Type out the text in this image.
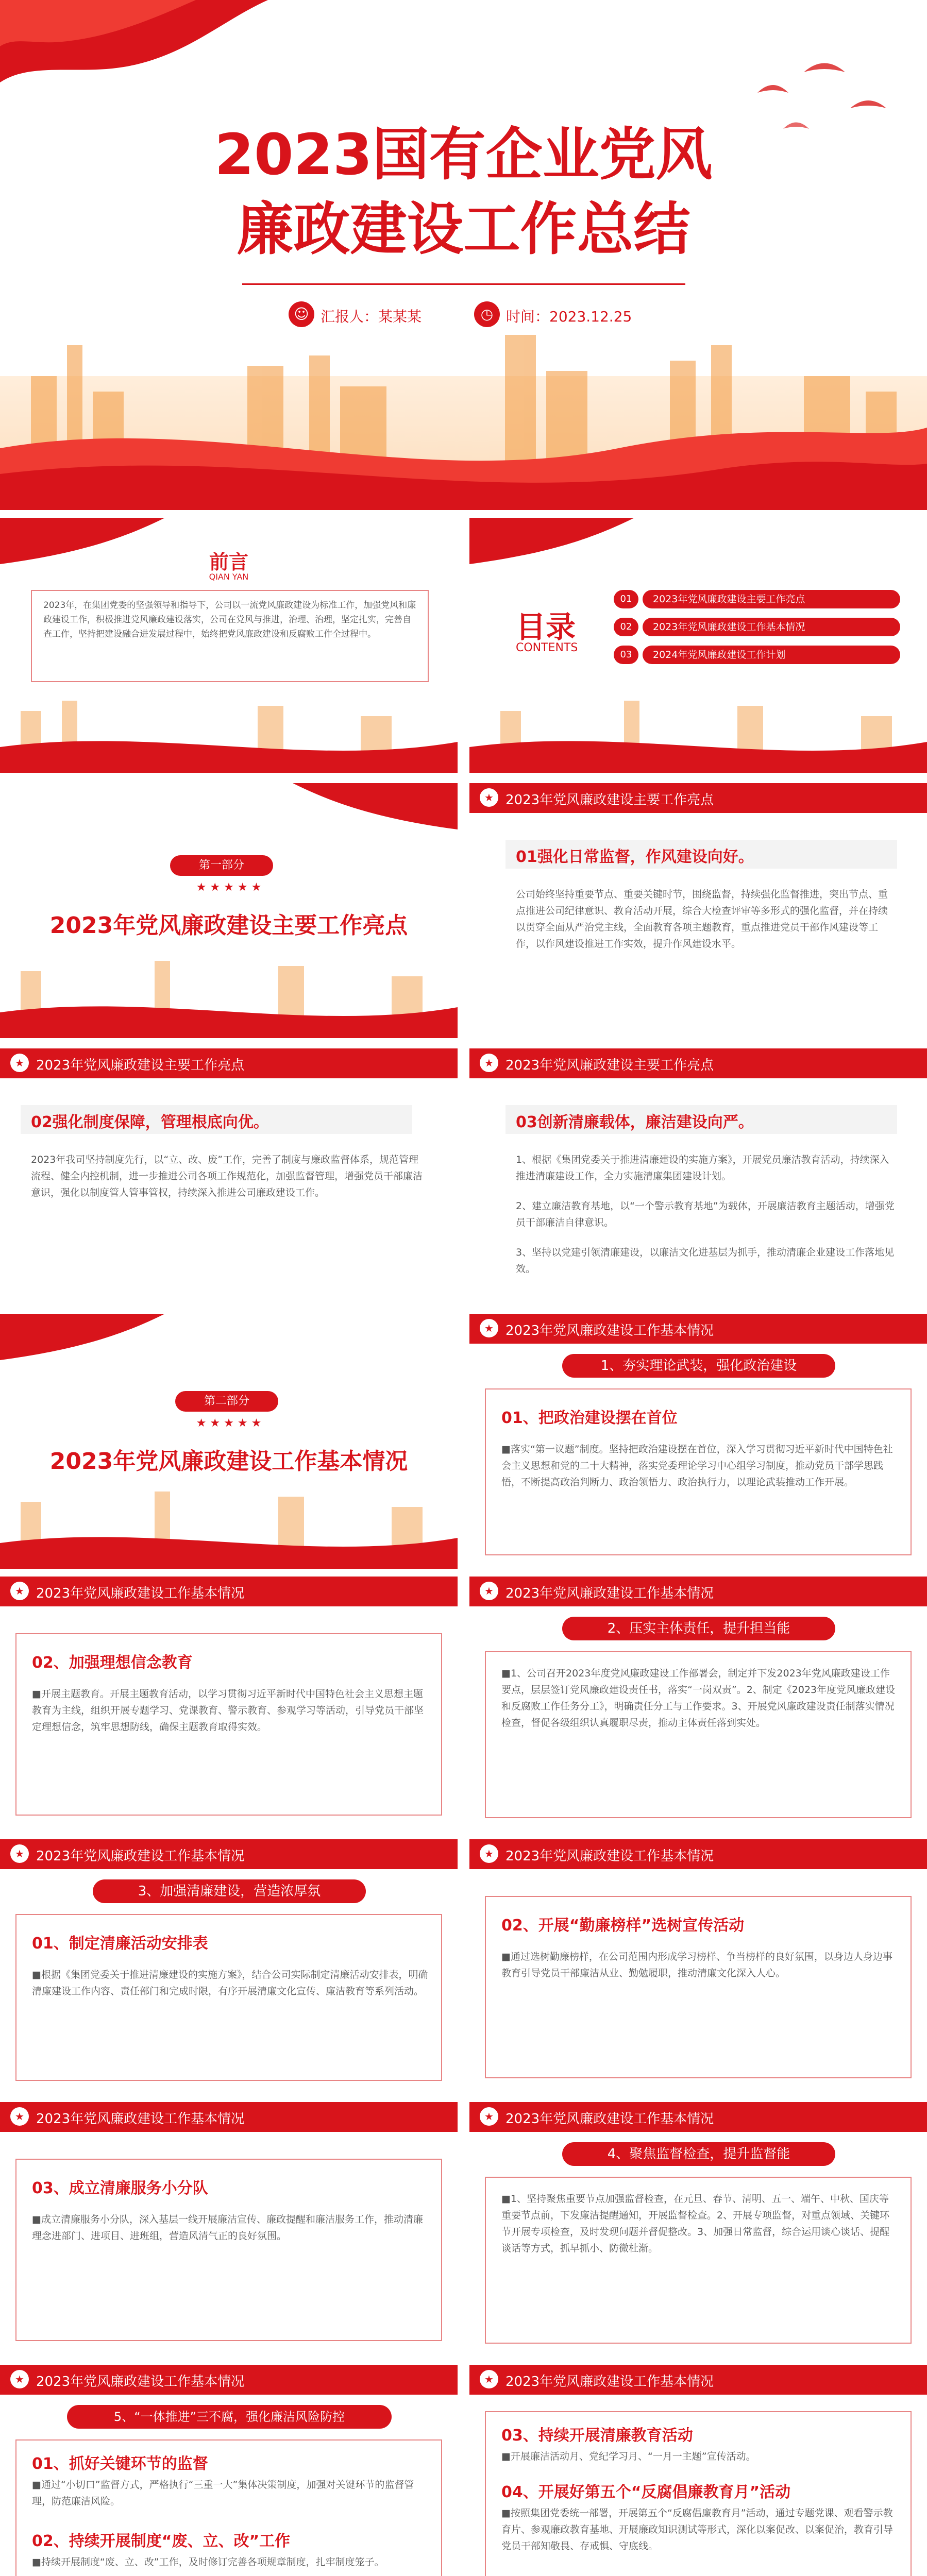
2023国有企业党风
廉政建设工作总结
☺ 汇报人：某某某	◷ 时间：2023.12.25
前言
QIAN YAN
2023年，在集团党委的坚强领导和指导下，公司以一流党风廉政建设为标准工作，加强党风和廉政建设工作，积极推进党风廉政建设落实，公司在党风与推进，治理、治理，坚定扎实，完善自查工作，坚持把建设融合进发展过程中，始终把党风廉政建设和反腐败工作全过程中。	目录
CONTENTS
01	2023年党风廉政建设主要工作亮点
02	2023年党风廉政建设工作基本情况
03	2024年党风廉政建设工作计划
第一部分
★ ★ ★ ★ ★
2023年党风廉政建设主要工作亮点
★ 2023年党风廉政建设主要工作亮点
01强化日常监督，作风建设向好。
公司始终坚持重要节点、重要关键时节，围绕监督，持续强化监督推进，突出节点、重点推进公司纪律意识、教育活动开展，综合大检查评审等多形式的强化监督，并在持续以贯穿全面从严治党主线，全面教育各项主题教育，重点推进党员干部作风建设等工作，以作风建设推进工作实效，提升作风建设水平。
★ 2023年党风廉政建设主要工作亮点
02强化制度保障，管理根底向优。
2023年我司坚持制度先行，以“立、改、废”工作，完善了制度与廉政监督体系，规范管理流程、健全内控机制，进一步推进公司各项工作规范化，加强监督管理，增强党员干部廉洁意识，强化以制度管人管事管权，持续深入推进公司廉政建设工作。
★ 2023年党风廉政建设主要工作亮点
03创新清廉载体，廉洁建设向严。
1、根据《集团党委关于推进清廉建设的实施方案》，开展党员廉洁教育活动，持续深入推进清廉建设工作，全力实施清廉集团建设计划。
2、建立廉洁教育基地，以“一个警示教育基地”为载体，开展廉洁教育主题活动，增强党员干部廉洁自律意识。
3、坚持以党建引领清廉建设，以廉洁文化进基层为抓手，推动清廉企业建设工作落地见效。
第二部分
★ ★ ★ ★ ★
2023年党风廉政建设工作基本情况
★ 2023年党风廉政建设工作基本情况
1、夯实理论武装，强化政治建设
01、把政治建设摆在首位
■落实“第一议题”制度。坚持把政治建设摆在首位，深入学习贯彻习近平新时代中国特色社会主义思想和党的二十大精神，落实党委理论学习中心组学习制度，推动党员干部学思践悟，不断提高政治判断力、政治领悟力、政治执行力，以理论武装推动工作开展。
★ 2023年党风廉政建设工作基本情况
02、加强理想信念教育
■开展主题教育。开展主题教育活动，以学习贯彻习近平新时代中国特色社会主义思想主题教育为主线，组织开展专题学习、党课教育、警示教育、参观学习等活动，引导党员干部坚定理想信念，筑牢思想防线，确保主题教育取得实效。
★ 2023年党风廉政建设工作基本情况
2、压实主体责任，提升担当能
■1、公司召开2023年度党风廉政建设工作部署会，制定并下发2023年党风廉政建设工作要点，层层签订党风廉政建设责任书，落实“一岗双责”。2、制定《2023年度党风廉政建设和反腐败工作任务分工》，明确责任分工与工作要求。3、开展党风廉政建设责任制落实情况检查，督促各级组织认真履职尽责，推动主体责任落到实处。
★ 2023年党风廉政建设工作基本情况
3、加强清廉建设，营造浓厚氛
01、制定清廉活动安排表
■根据《集团党委关于推进清廉建设的实施方案》，结合公司实际制定清廉活动安排表，明确清廉建设工作内容、责任部门和完成时限，有序开展清廉文化宣传、廉洁教育等系列活动。
★ 2023年党风廉政建设工作基本情况
02、开展“勤廉榜样”选树宣传活动
■通过选树勤廉榜样，在公司范围内形成学习榜样、争当榜样的良好氛围，以身边人身边事教育引导党员干部廉洁从业、勤勉履职，推动清廉文化深入人心。
★ 2023年党风廉政建设工作基本情况
03、成立清廉服务小分队
■成立清廉服务小分队，深入基层一线开展廉洁宣传、廉政提醒和廉洁服务工作，推动清廉理念进部门、进项目、进班组，营造风清气正的良好氛围。
★ 2023年党风廉政建设工作基本情况
4、聚焦监督检查，提升监督能
■1、坚持聚焦重要节点加强监督检查，在元旦、春节、清明、五一、端午、中秋、国庆等重要节点前，下发廉洁提醒通知，开展监督检查。2、开展专项监督，对重点领域、关键环节开展专项检查，及时发现问题并督促整改。3、加强日常监督，综合运用谈心谈话、提醒谈话等方式，抓早抓小、防微杜渐。
★ 2023年党风廉政建设工作基本情况
5、“一体推进”三不腐，强化廉洁风险防控
01、抓好关键环节的监督
■通过“小切口”监督方式，严格执行“三重一大”集体决策制度，加强对关键环节的监督管理，防范廉洁风险。
02、持续开展制度“废、立、改”工作
■持续开展制度“废、立、改”工作，及时修订完善各项规章制度，扎牢制度笼子。
★ 2023年党风廉政建设工作基本情况
03、持续开展清廉教育活动
■开展廉洁活动月、党纪学习月、“一月一主题”宣传活动。
04、开展好第五个“反腐倡廉教育月”活动
■按照集团党委统一部署，开展第五个“反腐倡廉教育月”活动，通过专题党课、观看警示教育片、参观廉政教育基地、开展廉政知识测试等形式，深化以案促改、以案促治，教育引导党员干部知敬畏、存戒惧、守底线。
